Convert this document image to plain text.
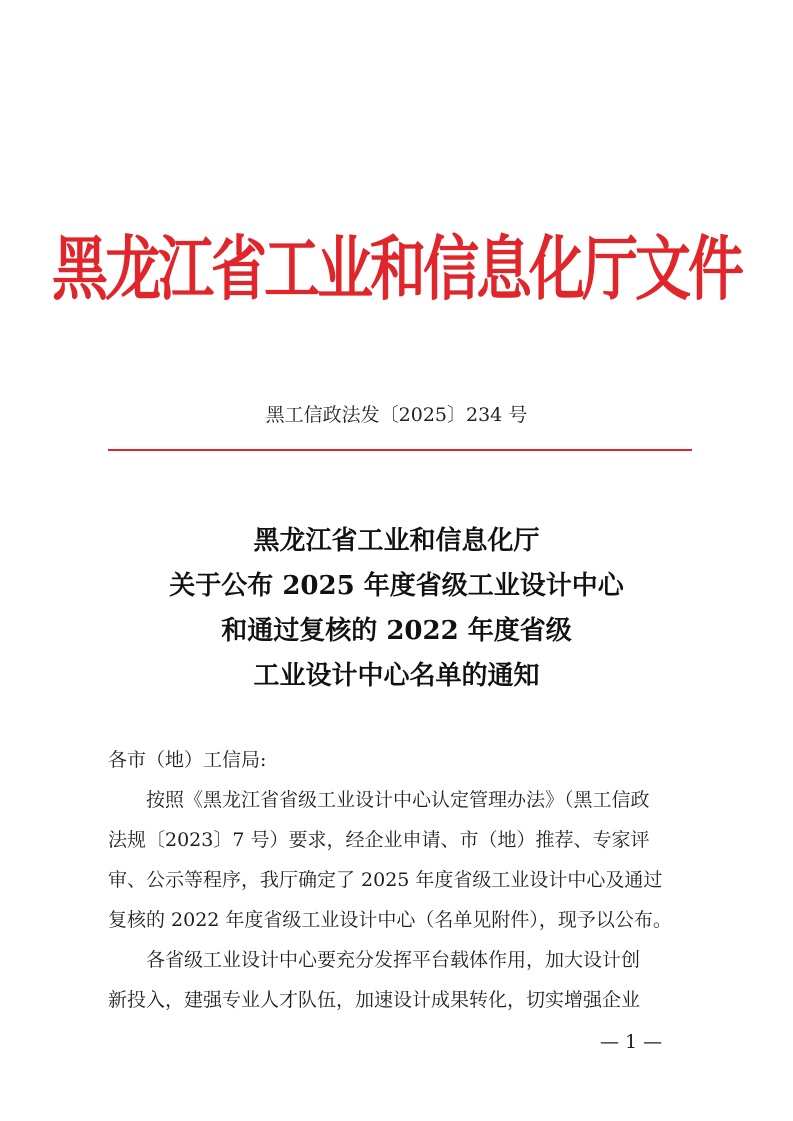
黑龙江省工业和信息化厅文件
黑工信政法发〔2025〕234 号
黑龙江省工业和信息化厅
关于公布 2025 年度省级工业设计中心
和通过复核的 2022 年度省级
工业设计中心名单的通知
各市（地）工信局:
按照《黑龙江省省级工业设计中心认定管理办法》（黑工信政
法规〔2023〕7 号）要求，经企业申请、市（地）推荐、专家评
审、公示等程序，我厅确定了 2025 年度省级工业设计中心及通过
复核的 2022 年度省级工业设计中心（名单见附件），现予以公布。
各省级工业设计中心要充分发挥平台载体作用，加大设计创
新投入，建强专业人才队伍，加速设计成果转化，切实增强企业
— 1 —
